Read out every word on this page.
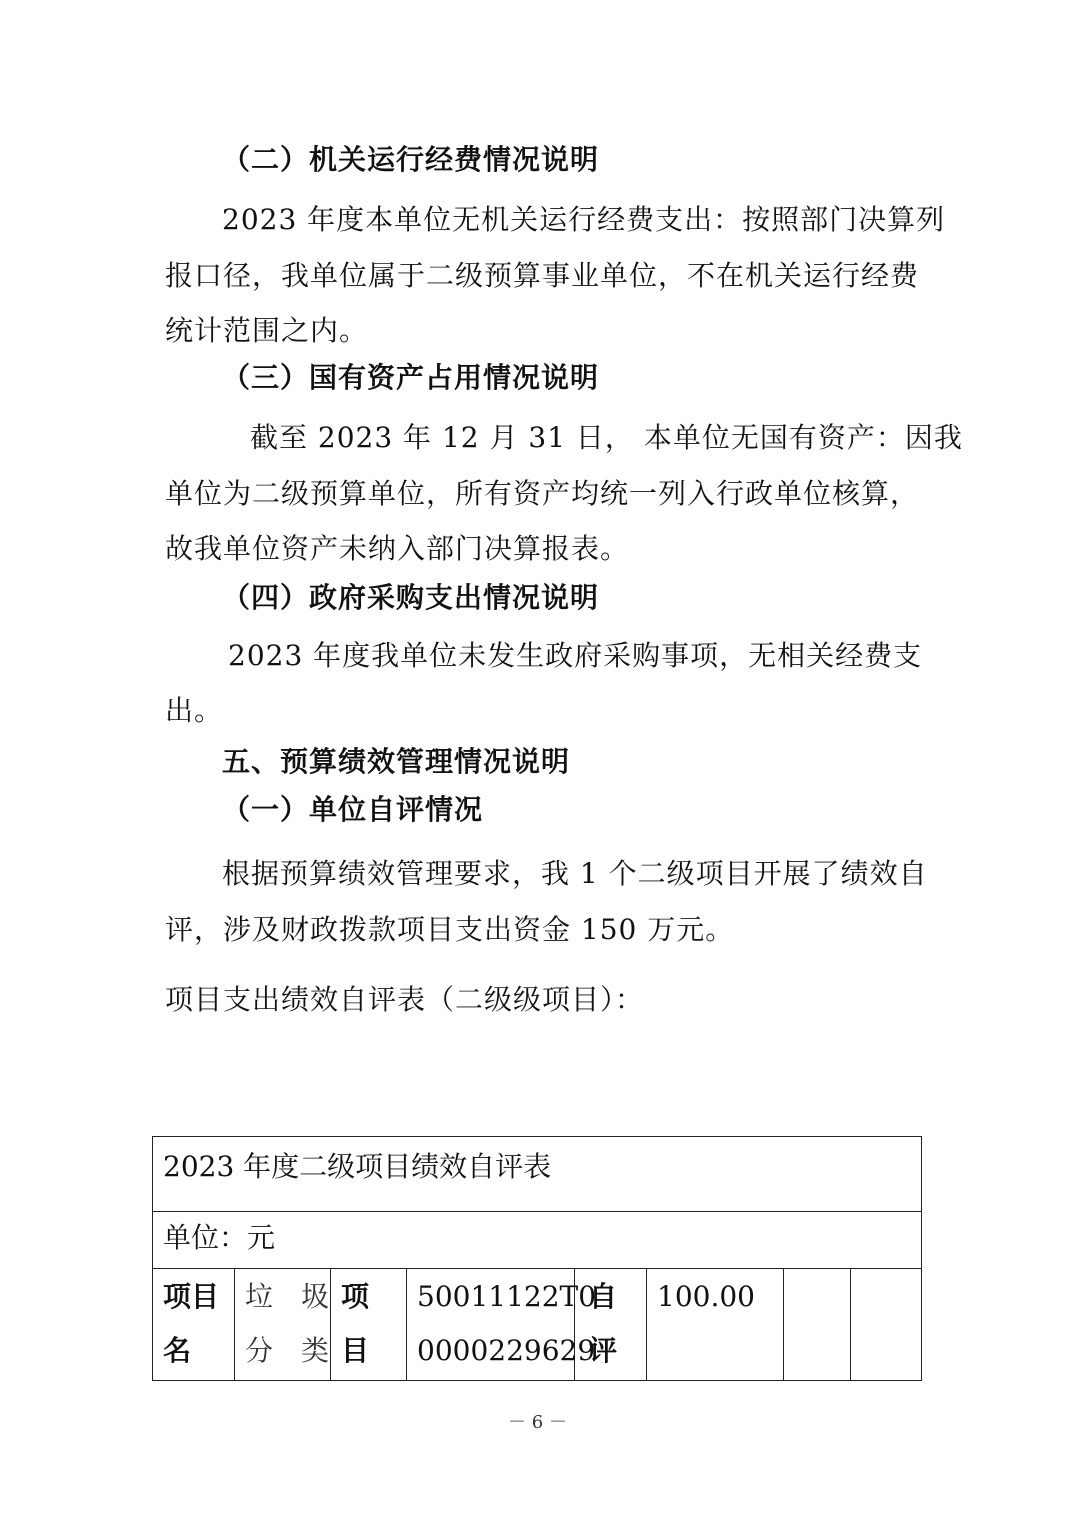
（二）机关运行经费情况说明
2023 年度本单位无机关运行经费支出：按照部门决算列
报口径，我单位属于二级预算事业单位，不在机关运行经费
统计范围之内。
（三）国有资产占用情况说明
截至 2023 年 12 月 31 日， 本单位无国有资产：因我
单位为二级预算单位，所有资产均统一列入行政单位核算，
故我单位资产未纳入部门决算报表。
（四）政府采购支出情况说明
2023 年度我单位未发生政府采购事项，无相关经费支
出。
五、预算绩效管理情况说明
（一）单位自评情况
根据预算绩效管理要求，我 1 个二级项目开展了绩效自
评，涉及财政拨款项目支出资金 150 万元。
项目支出绩效自评表（二级级项目）：
2023 年度二级项目绩效自评表
单位：元
项目
名
垃　圾
分　类
项
目
50011122T0
0000229629
自
评
100.00
－ 6 －
